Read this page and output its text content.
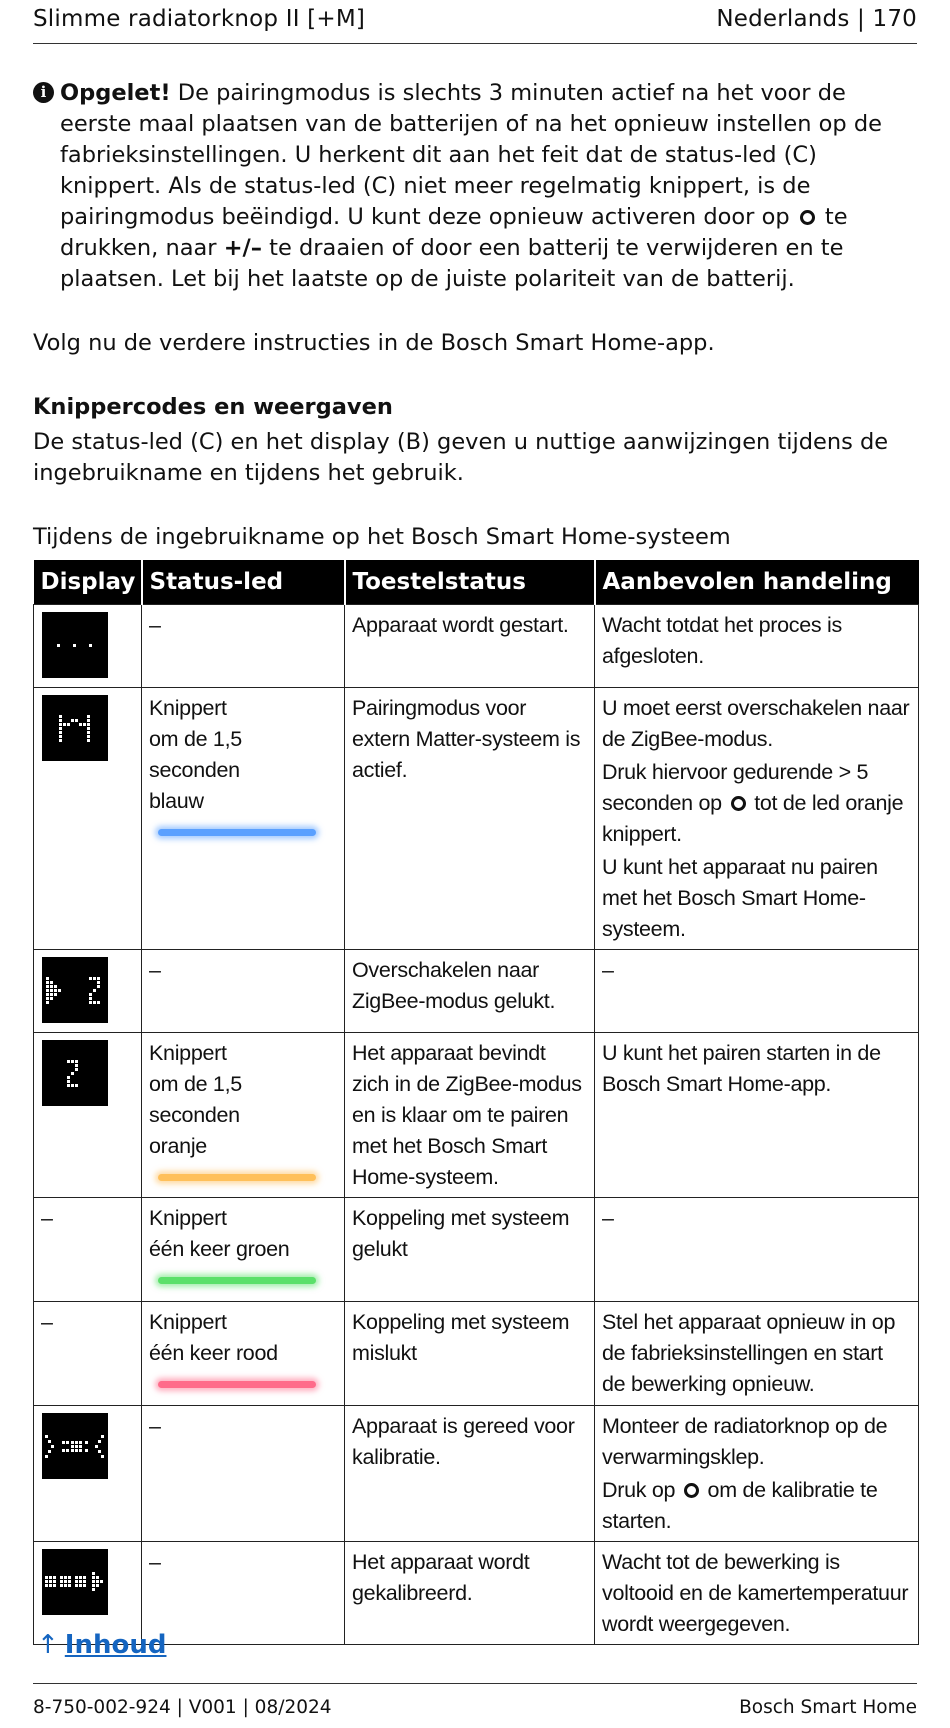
Slimme radiatorknop II [+M]	Nederlands | 170
i Opgelet! De pairingmodus is slechts 3 minuten actief na het voor de eerste maal plaatsen van de batterijen of na het opnieuw instellen op de fabrieksinstellingen. U herkent dit aan het feit dat de status-led (C) knippert. Als de status-led (C) niet meer regelmatig knippert, is de pairingmodus beëindigd. U kunt deze opnieuw activeren door op  te drukken, naar +/– te draaien of door een batterij te verwijderen en te plaatsen. Let bij het laatste op de juiste polariteit van de batterij.
Volg nu de verdere instructies in de Bosch Smart Home-app.
Knippercodes en weergaven
De status-led (C) en het display (B) geven u nuttige aanwijzingen tijdens de ingebruikname en tijdens het gebruik.
Tijdens de ingebruikname op het Bosch Smart Home-systeem
Display	Status-led	Toestelstatus	Aanbevolen handeling

	–	Apparaat wordt gestart.	Wacht totdat het proces is afgesloten.

	Knippert
om de 1,5 seconden
blauw	Pairingmodus voor extern Matter-systeem is actief.	U moet eerst overschakelen naar de ZigBee-modus.
Druk hiervoor gedurende > 5 seconden op  tot de led oranje knippert.
U kunt het apparaat nu pairen met het Bosch Smart Home-systeem.

	–	Overschakelen naar ZigBee-modus gelukt.	–

	Knippert
om de 1,5 seconden
oranje	Het apparaat bevindt zich in de ZigBee-modus en is klaar om te pairen met het Bosch Smart Home-systeem.	U kunt het pairen starten in de Bosch Smart Home-app.
–	Knippert
één keer groen	Koppeling met systeem gelukt	–
–	Knippert
één keer rood	Koppeling met systeem mislukt	Stel het apparaat opnieuw in op de fabrieksinstellingen en start de bewerking opnieuw.

	–	Apparaat is gereed voor kalibratie.	Monteer de radiatorknop op de verwarmingsklep.
Druk op  om de kalibratie te starten.

	–	Het apparaat wordt gekalibreerd.	Wacht tot de bewerking is voltooid en de kamertemperatuur wordt weergegeven.
↑ Inhoud
8-750-002-924 | V001 | 08/2024	Bosch Smart Home
